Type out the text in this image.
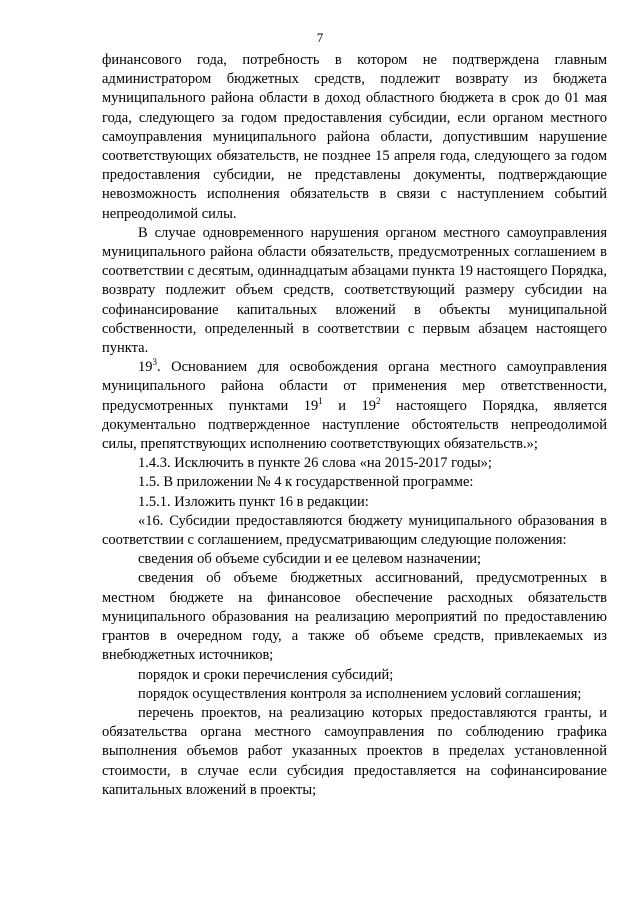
7

финансового года, потребность в котором не подтверждена главным администратором бюджетных средств, подлежит возврату из бюджета муниципального района области в доход областного бюджета в срок до 01 мая года, следующего за годом предоставления субсидии, если органом местного самоуправления муниципального района области, допустившим нарушение соответствующих обязательств, не позднее 15 апреля года, следующего за годом предоставления субсидии, не представлены документы, подтверждающие невозможность исполнения обязательств в связи с наступлением событий непреодолимой силы.

В случае одновременного нарушения органом местного самоуправления муниципального района области обязательств, предусмотренных соглашением в соответствии с десятым, одиннадцатым абзацами пункта 19 настоящего Порядка, возврату подлежит объем средств, соответствующий размеру субсидии на софинансирование капитальных вложений в объекты муниципальной собственности, определенный в соответствии с первым абзацем настоящего пункта.

$19^3$. Основанием для освобождения органа местного самоуправления муниципального района области от применения мер ответственности, предусмотренных пунктами $19^1$ и $19^2$ настоящего Порядка, является документально подтвержденное наступление обстоятельств непреодолимой силы, препятствующих исполнению соответствующих обязательств.»;

1.4.3. Исключить в пункте 26 слова «на 2015-2017 годы»;

1.5. В приложении № 4 к государственной программе:

1.5.1. Изложить пункт 16 в редакции:

«16. Субсидии предоставляются бюджету муниципального образования в соответствии с соглашением, предусматривающим следующие положения:

сведения об объеме субсидии и ее целевом назначении;

сведения об объеме бюджетных ассигнований, предусмотренных в местном бюджете на финансовое обеспечение расходных обязательств муниципального образования на реализацию мероприятий по предоставлению грантов в очередном году, а также об объеме средств, привлекаемых из внебюджетных источников;

порядок и сроки перечисления субсидий;

порядок осуществления контроля за исполнением условий соглашения;

перечень проектов, на реализацию которых предоставляются гранты, и обязательства органа местного самоуправления по соблюдению графика выполнения объемов работ указанных проектов в пределах установленной стоимости, в случае если субсидия предоставляется на софинансирование капитальных вложений в проекты;
